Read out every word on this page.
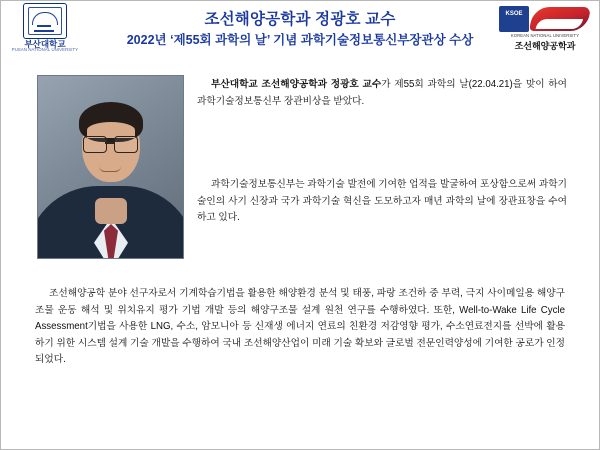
부산대학교
PUSAN NATIONAL UNIVERSITY
조선해양공학과 정광호 교수
2022년 ‘제55회 과학의 날’ 기념 과학기술정보통신부장관상 수상
KSOE
KOREAN NATIONAL UNIVERSITY
조선해양공학과
부산대학교 조선해양공학과 정광호 교수가 제55회 과학의 날(22.04.21)을 맞이 하여 과학기술정보통신부 장관비상을 받았다.
과학기술정보통신부는 과학기술 발전에 기여한 업적을 발굴하여 포상함으로써 과학기술인의 사기 신장과 국가 과학기술 혁신을 도모하고자 매년 과학의 날에 장관표창을 수여하고 있다.
조선해양공학 분야 선구자로서 기계학습기법을 활용한 해양환경 분석 및 태풍, 파랑 조건하 중 부력, 극지 사이메일용 해양구조물 운동 해석 및 위치유지 평가 기법 개발 등의 해양구조물 설계 원천 연구를 수행하였다. 또한, Well-to-Wake Life Cycle Assessment기법을 사용한 LNG, 수소, 암모니아 등 신재생 에너지 연료의 친환경 저감영향 평가, 수소연료전지를 선박에 활용하기 위한 시스템 설계 기술 개발을 수행하여 국내 조선해양산업이 미래 기술 확보와 글로벌 전문인력양성에 기여한 공로가 인정되었다.
